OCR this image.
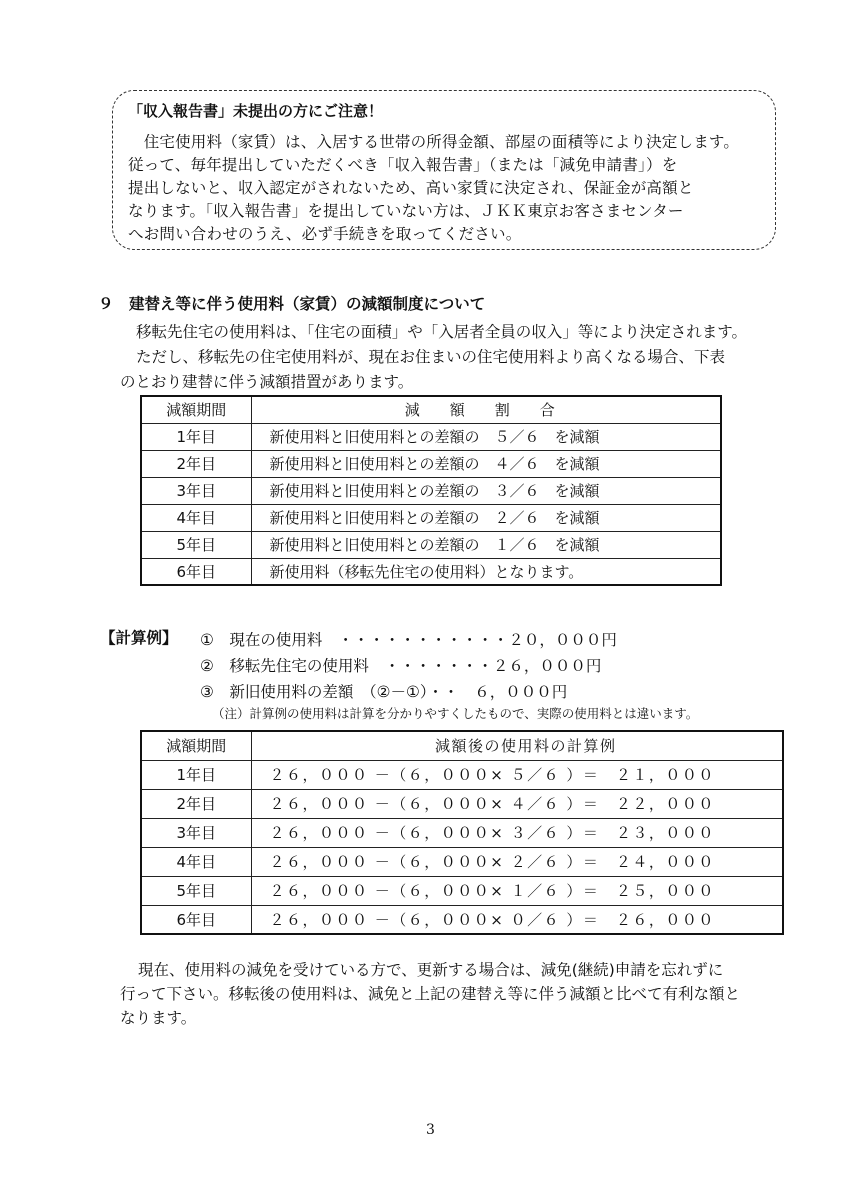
「収入報告書」未提出の方にご注意！
　住宅使用料（家賃）は、入居する世帯の所得金額、部屋の面積等により決定します。
従って、毎年提出していただくべき「収入報告書」（または「減免申請書」）を
提出しないと、収入認定がされないため、高い家賃に決定され、保証金が高額と
なります。「収入報告書」を提出していない方は、ＪＫＫ東京お客さまセンター
へお問い合わせのうえ、必ず手続きを取ってください。
９　建替え等に伴う使用料（家賃）の減額制度について
移転先住宅の使用料は、「住宅の面積」や「入居者全員の収入」等により決定されます。
ただし、移転先の住宅使用料が、現在お住まいの住宅使用料より高くなる場合、下表
のとおり建替に伴う減額措置があります。
減額期間	減額割合
1年目	新使用料と旧使用料との差額の　５／６　を減額
2年目	新使用料と旧使用料との差額の　４／６　を減額
3年目	新使用料と旧使用料との差額の　３／６　を減額
4年目	新使用料と旧使用料との差額の　２／６　を減額
5年目	新使用料と旧使用料との差額の　１／６　を減額
6年目	新使用料（移転先住宅の使用料）となります。
【計算例】 ①　現在の使用料　・・・・・・・・・・・２０，０００円
②　移転先住宅の使用料　・・・・・・・２６，０００円
③　新旧使用料の差額　（②－①）・・　６，０００円
（注）計算例の使用料は計算を分かりやすくしたもので、実際の使用料とは違います。
減額期間	減額後の使用料の計算例
1年目	２６，０００ －（６，０００× ５／６ ）＝　２１，０００
2年目	２６，０００ －（６，０００× ４／６ ）＝　２２，０００
3年目	２６，０００ －（６，０００× ３／６ ）＝　２３，０００
4年目	２６，０００ －（６，０００× ２／６ ）＝　２４，０００
5年目	２６，０００ －（６，０００× １／６ ）＝　２５，０００
6年目	２６，０００ －（６，０００× ０／６ ）＝　２６，０００
現在、使用料の減免を受けている方で、更新する場合は、減免(継続)申請を忘れずに
行って下さい。移転後の使用料は、減免と上記の建替え等に伴う減額と比べて有利な額と
なります。
3
